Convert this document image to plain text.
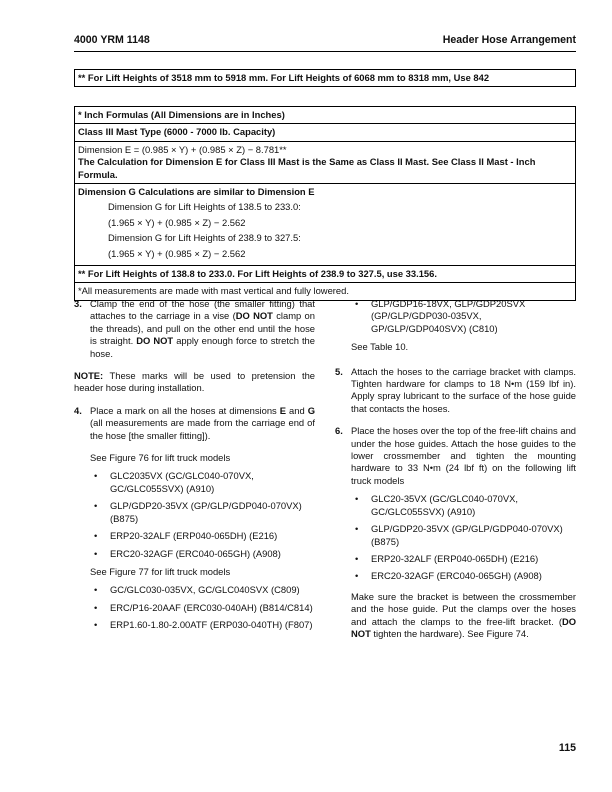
4000 YRM 1148	Header Hose Arrangement
** For Lift Heights of 3518 mm to 5918 mm. For Lift Heights of 6068 mm to 8318 mm, Use 842
* Inch Formulas (All Dimensions are in Inches)
Class III Mast Type (6000 - 7000 lb. Capacity)

Dimension E = (0.985 × Y) + (0.985 × Z) − 8.781**
The Calculation for Dimension E for Class III Mast is the Same as Class II Mast. See Class II Mast - Inch Formula.

Dimension G Calculations are similar to Dimension E
Dimension G for Lift Heights of 138.5 to 233.0:
(1.965 × Y) + (0.985 × Z) − 2.562
Dimension G for Lift Heights of 238.9 to 327.5:
(1.965 × Y) + (0.985 × Z) − 2.562

** For Lift Heights of 138.8 to 233.0. For Lift Heights of 238.9 to 327.5, use 33.156.
*All measurements are made with mast vertical and fully lowered.
3. Clamp the end of the hose (the smaller fitting) that attaches to the carriage in a vise (DO NOT clamp on the threads), and pull on the other end until the hose is straight. DO NOT apply enough force to stretch the hose.

NOTE: These marks will be used to pretension the header hose during installation.

4. Place a mark on all the hoses at dimensions E and G (all measurements are made from the carriage end of the hose [the smaller fitting]).

See Figure 76 for lift truck models

• GLC2035VX (GC/GLC040-070VX, GC/GLC055SVX) (A910)
• GLP/GDP20-35VX (GP/GLP/GDP040-070VX) (B875)
• ERP20-32ALF (ERP040-065DH) (E216)
• ERC20-32AGF (ERC040-065GH) (A908)

See Figure 77 for lift truck models

• GC/GLC030-035VX, GC/GLC040SVX (C809)
• ERC/P16-20AAF (ERC030-040AH) (B814/C814)
• ERP1.60-1.80-2.00ATF (ERP030-040TH) (F807)
• GLP/GDP16-18VX, GLP/GDP20SVX (GP/GLP/GDP030-035VX, GP/GLP/GDP040SVX) (C810)

See Table 10.

5. Attach the hoses to the carriage bracket with clamps. Tighten hardware for clamps to 18 N•m (159 lbf in). Apply spray lubricant to the surface of the hose guide that contacts the hoses.

6. Place the hoses over the top of the free-lift chains and under the hose guides. Attach the hose guides to the lower crossmember and tighten the mounting hardware to 33 N•m (24 lbf ft) on the following lift truck models

• GLC20-35VX (GC/GLC040-070VX, GC/GLC055SVX) (A910)
• GLP/GDP20-35VX (GP/GLP/GDP040-070VX) (B875)
• ERP20-32ALF (ERP040-065DH) (E216)
• ERC20-32AGF (ERC040-065GH) (A908)

Make sure the bracket is between the crossmember and the hose guide. Put the clamps over the hoses and attach the clamps to the free-lift bracket. (DO NOT tighten the hardware). See Figure 74.

115
